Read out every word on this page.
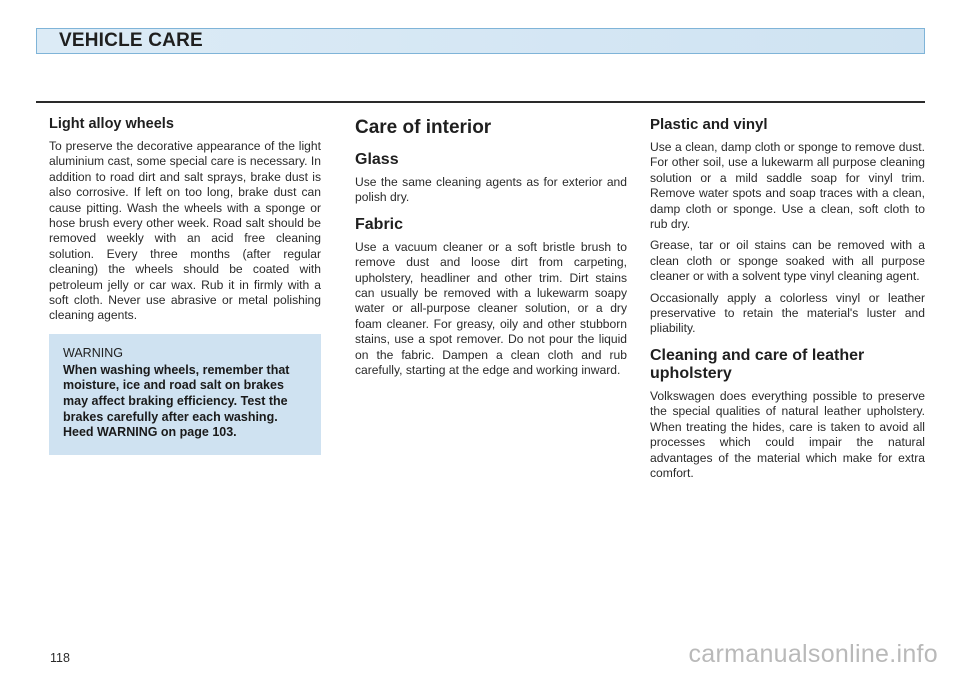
VEHICLE CARE
Light alloy wheels

To preserve the decorative appearance of the light aluminium cast, some special care is necessary. In addition to road dirt and salt sprays, brake dust is also corrosive. If left on too long, brake dust can cause pitting. Wash the wheels with a sponge or hose brush every other week. Road salt should be removed weekly with an acid free cleaning solution. Every three months (after regular cleaning) the wheels should be coated with petroleum jelly or car wax. Rub it in firmly with a soft cloth. Never use abrasive or metal polishing cleaning agents.

WARNING

When washing wheels, remember that moisture, ice and road salt on brakes may affect braking efficiency. Test the brakes carefully after each washing. Heed WARNING on page 103.

Care of interior
Glass

Use the same cleaning agents as for exterior and polish dry.

Fabric

Use a vacuum cleaner or a soft bristle brush to remove dust and loose dirt from carpeting, upholstery, headliner and other trim. Dirt stains can usually be removed with a lukewarm soapy water or all-purpose cleaner solution, or a dry foam cleaner. For greasy, oily and other stubborn stains, use a spot remover. Do not pour the liquid on the fabric. Dampen a clean cloth and rub carefully, starting at the edge and working inward.

Plastic and vinyl

Use a clean, damp cloth or sponge to remove dust. For other soil, use a lukewarm all purpose cleaning solution or a mild saddle soap for vinyl trim. Remove water spots and soap traces with a clean, damp cloth or sponge. Use a clean, soft cloth to rub dry.

Grease, tar or oil stains can be removed with a clean cloth or sponge soaked with all purpose cleaner or with a solvent type vinyl cleaning agent.

Occasionally apply a colorless vinyl or leather preservative to retain the material's luster and pliability.

Cleaning and care of leather upholstery

Volkswagen does everything possible to preserve the special qualities of natural leather upholstery. When treating the hides, care is taken to avoid all processes which could impair the natural advantages of the material which make for extra comfort.

118	carmanualsonline.info
